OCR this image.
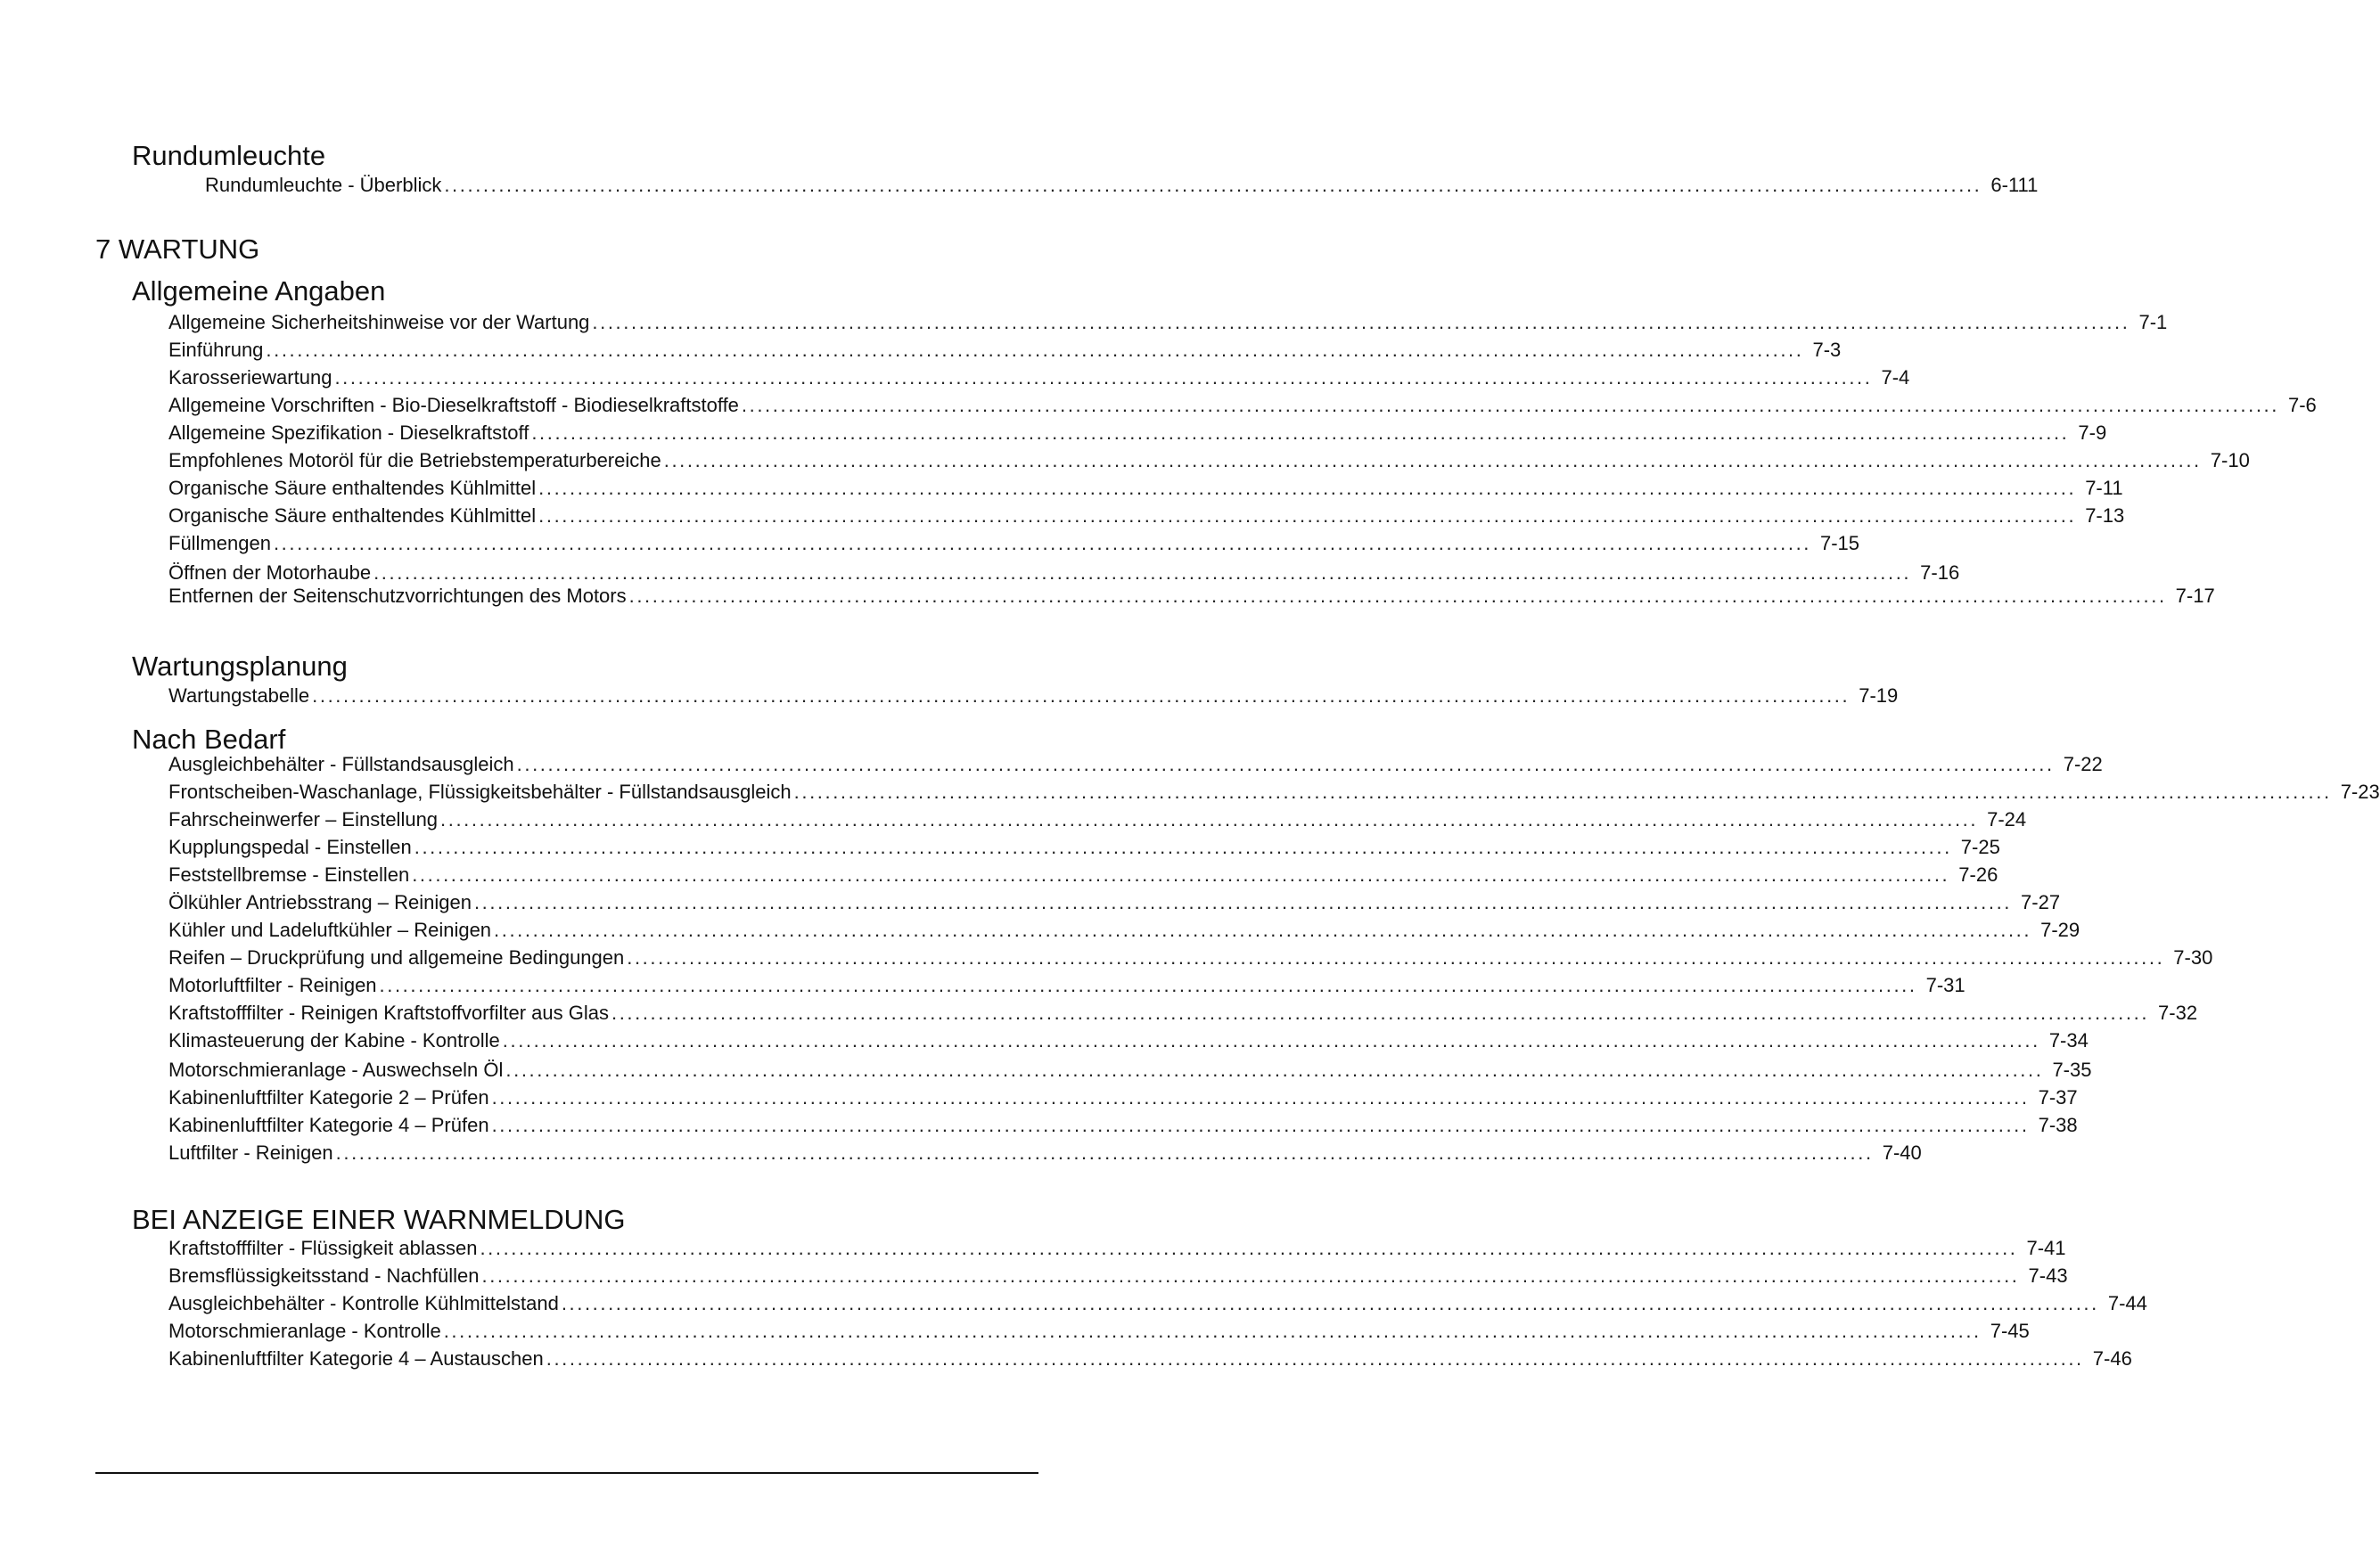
Rundumleuchte
Rundumleuchte - Überblick ...................................................................................................................................................................................................... 6-111
7 WARTUNG
Allgemeine Angaben
Allgemeine Sicherheitshinweise vor der Wartung ...................................................................................................................................................................................................... 7-1
Einführung ...................................................................................................................................................................................................... 7-3
Karosseriewartung ...................................................................................................................................................................................................... 7-4
Allgemeine Vorschriften - Bio-Dieselkraftstoff - Biodieselkraftstoffe ...................................................................................................................................................................................................... 7-6
Allgemeine Spezifikation - Dieselkraftstoff ...................................................................................................................................................................................................... 7-9
Empfohlenes Motoröl für die Betriebstemperaturbereiche ...................................................................................................................................................................................................... 7-10
Organische Säure enthaltendes Kühlmittel ...................................................................................................................................................................................................... 7-11
Organische Säure enthaltendes Kühlmittel ...................................................................................................................................................................................................... 7-13
Füllmengen ...................................................................................................................................................................................................... 7-15
Öffnen der Motorhaube ...................................................................................................................................................................................................... 7-16
Entfernen der Seitenschutzvorrichtungen des Motors ...................................................................................................................................................................................................... 7-17
Wartungsplanung
Wartungstabelle ...................................................................................................................................................................................................... 7-19
Nach Bedarf
Ausgleichbehälter - Füllstandsausgleich ...................................................................................................................................................................................................... 7-22
Frontscheiben-Waschanlage, Flüssigkeitsbehälter - Füllstandsausgleich ...................................................................................................................................................................................................... 7-23
Fahrscheinwerfer – Einstellung ...................................................................................................................................................................................................... 7-24
Kupplungspedal - Einstellen ...................................................................................................................................................................................................... 7-25
Feststellbremse - Einstellen ...................................................................................................................................................................................................... 7-26
Ölkühler Antriebsstrang – Reinigen ...................................................................................................................................................................................................... 7-27
Kühler und Ladeluftkühler – Reinigen ...................................................................................................................................................................................................... 7-29
Reifen – Druckprüfung und allgemeine Bedingungen ...................................................................................................................................................................................................... 7-30
Motorluftfilter - Reinigen ...................................................................................................................................................................................................... 7-31
Kraftstofffilter - Reinigen Kraftstoffvorfilter aus Glas ...................................................................................................................................................................................................... 7-32
Klimasteuerung der Kabine - Kontrolle ...................................................................................................................................................................................................... 7-34
Motorschmieranlage - Auswechseln Öl ...................................................................................................................................................................................................... 7-35
Kabinenluftfilter Kategorie 2 – Prüfen ...................................................................................................................................................................................................... 7-37
Kabinenluftfilter Kategorie 4 – Prüfen ...................................................................................................................................................................................................... 7-38
Luftfilter - Reinigen ...................................................................................................................................................................................................... 7-40
BEI ANZEIGE EINER WARNMELDUNG
Kraftstofffilter - Flüssigkeit ablassen ...................................................................................................................................................................................................... 7-41
Bremsflüssigkeitsstand - Nachfüllen ...................................................................................................................................................................................................... 7-43
Ausgleichbehälter - Kontrolle Kühlmittelstand ...................................................................................................................................................................................................... 7-44
Motorschmieranlage - Kontrolle ...................................................................................................................................................................................................... 7-45
Kabinenluftfilter Kategorie 4 – Austauschen ...................................................................................................................................................................................................... 7-46
